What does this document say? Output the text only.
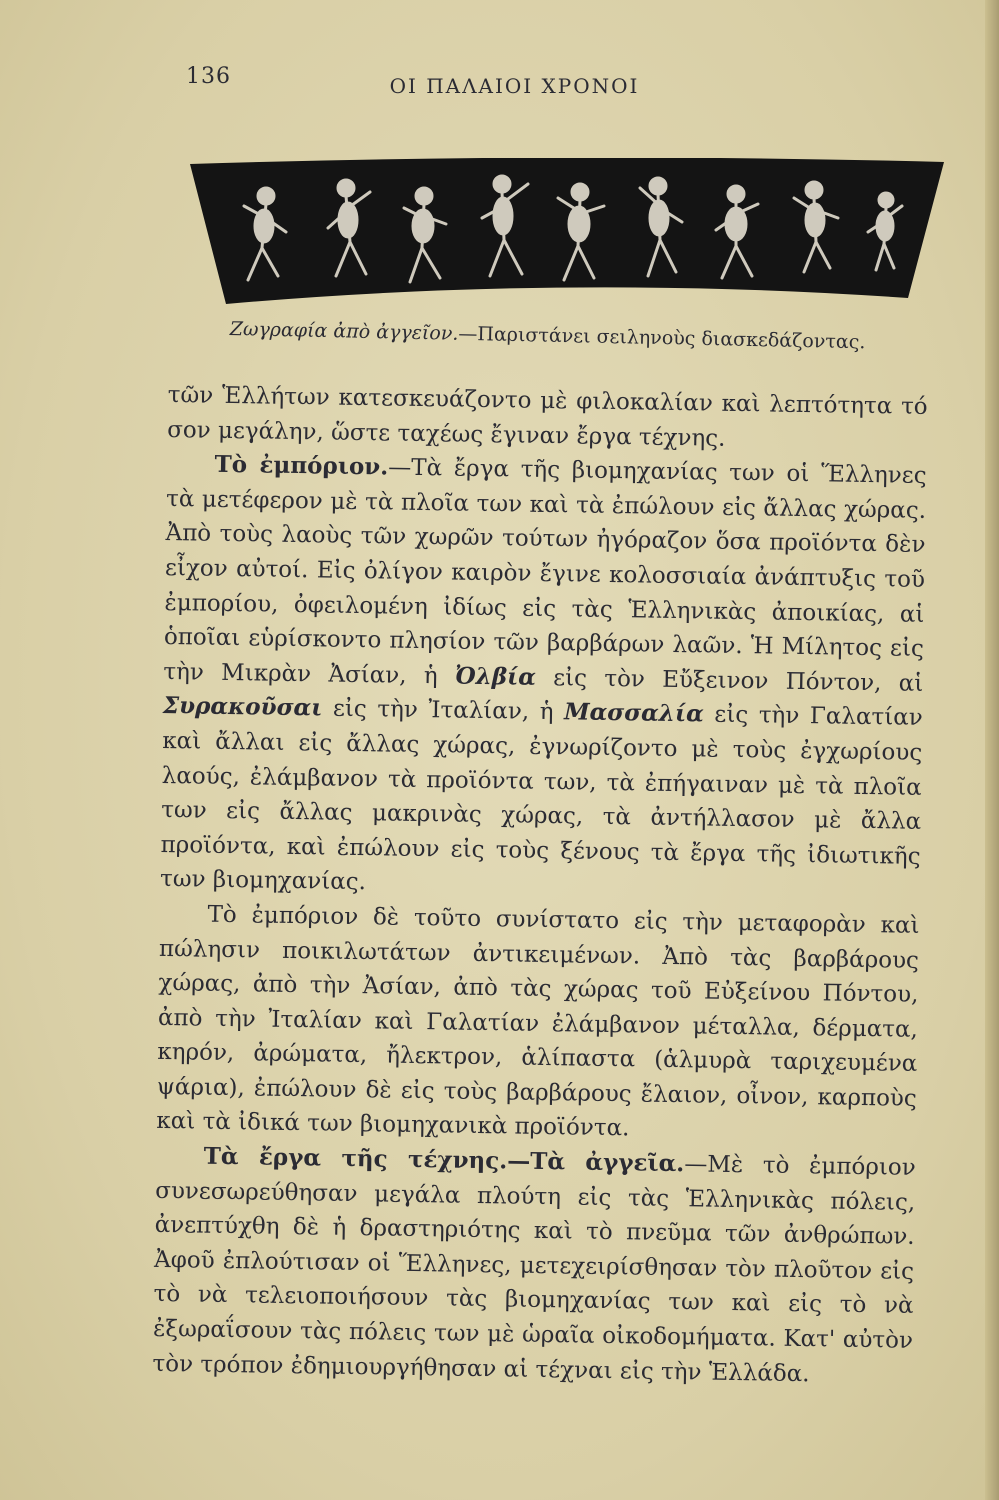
136	ΟΙ ΠΑΛΑΙΟΙ ΧΡΟΝΟΙ
Ζωγραφία ἀπὸ ἀγγεῖον.—Παριστάνει σειληνοὺς διασκεδάζοντας.

τῶν Ἑλλήτων κατεσκευάζοντο μὲ φιλοκαλίαν καὶ λεπτότητα τό σον μεγάλην, ὥστε ταχέως ἔγιναν ἔργα τέχνης.

Τὸ ἐμπόριον.—Τὰ ἔργα τῆς βιομηχανίας των οἱ Ἕλληνες τὰ μετέφερον μὲ τὰ πλοῖα των καὶ τὰ ἐπώλουν εἰς ἄλλας χώρας. Ἀπὸ τοὺς λαοὺς τῶν χωρῶν τούτων ἠγόραζον ὅσα προϊόντα δὲν εἶχον αὐτοί. Εἰς ὀλίγον καιρὸν ἔγινε κολοσσιαία ἀνάπτυξις τοῦ ἐμπορίου, ὀφειλομένη ἰδίως εἰς τὰς Ἑλληνικὰς ἀποικίας, αἱ ὁποῖαι εὑρίσκοντο πλησίον τῶν βαρβάρων λαῶν. Ἡ Μίλητος εἰς τὴν Μικρὰν Ἀσίαν, ἡ Ὀλβία εἰς τὸν Εὔξεινον Πόντον, αἱ Συρακοῦσαι εἰς τὴν Ἰταλίαν, ἡ Μασσαλία εἰς τὴν Γαλατίαν καὶ ἄλλαι εἰς ἄλλας χώρας, ἐγνωρίζοντο μὲ τοὺς ἐγχωρίους λαούς, ἐλάμβανον τὰ προϊόντα των, τὰ ἐπήγαιναν μὲ τὰ πλοῖα των εἰς ἄλλας μακρινὰς χώρας, τὰ ἀντήλλασον μὲ ἄλλα προϊόντα, καὶ ἐπώλουν εἰς τοὺς ξένους τὰ ἔργα τῆς ἰδιωτικῆς των βιομηχανίας.

Τὸ ἐμπόριον δὲ τοῦτο συνίστατο εἰς τὴν μεταφορὰν καὶ πώλησιν ποικιλωτάτων ἀντικειμένων. Ἀπὸ τὰς βαρβάρους χώρας, ἀπὸ τὴν Ἀσίαν, ἀπὸ τὰς χώρας τοῦ Εὐξείνου Πόντου, ἀπὸ τὴν Ἰταλίαν καὶ Γαλατίαν ἐλάμβανον μέταλλα, δέρματα, κηρόν, ἀρώματα, ἤλεκτρον, ἁλίπαστα (ἁλμυρὰ ταριχευμένα ψάρια), ἐπώλουν δὲ εἰς τοὺς βαρβάρους ἔλαιον, οἶνον, καρποὺς καὶ τὰ ἰδικά των βιομηχανικὰ προϊόντα.

Τὰ ἔργα τῆς τέχνης.—Τὰ ἀγγεῖα.—Μὲ τὸ ἐμπόριον συνεσωρεύθησαν μεγάλα πλούτη εἰς τὰς Ἑλληνικὰς πόλεις, ἀνεπτύχθη δὲ ἡ δραστηριότης καὶ τὸ πνεῦμα τῶν ἀνθρώπων. Ἀφοῦ ἐπλούτισαν οἱ Ἕλληνες, μετεχειρίσθησαν τὸν πλοῦτον εἰς τὸ νὰ τελειοποιήσουν τὰς βιομηχανίας των καὶ εἰς τὸ νὰ ἐξωραΐσουν τὰς πόλεις των μὲ ὡραῖα οἰκοδομήματα. Κατ' αὐτὸν τὸν τρόπον ἐδημιουργήθησαν αἱ τέχναι εἰς τὴν Ἑλλάδα.
